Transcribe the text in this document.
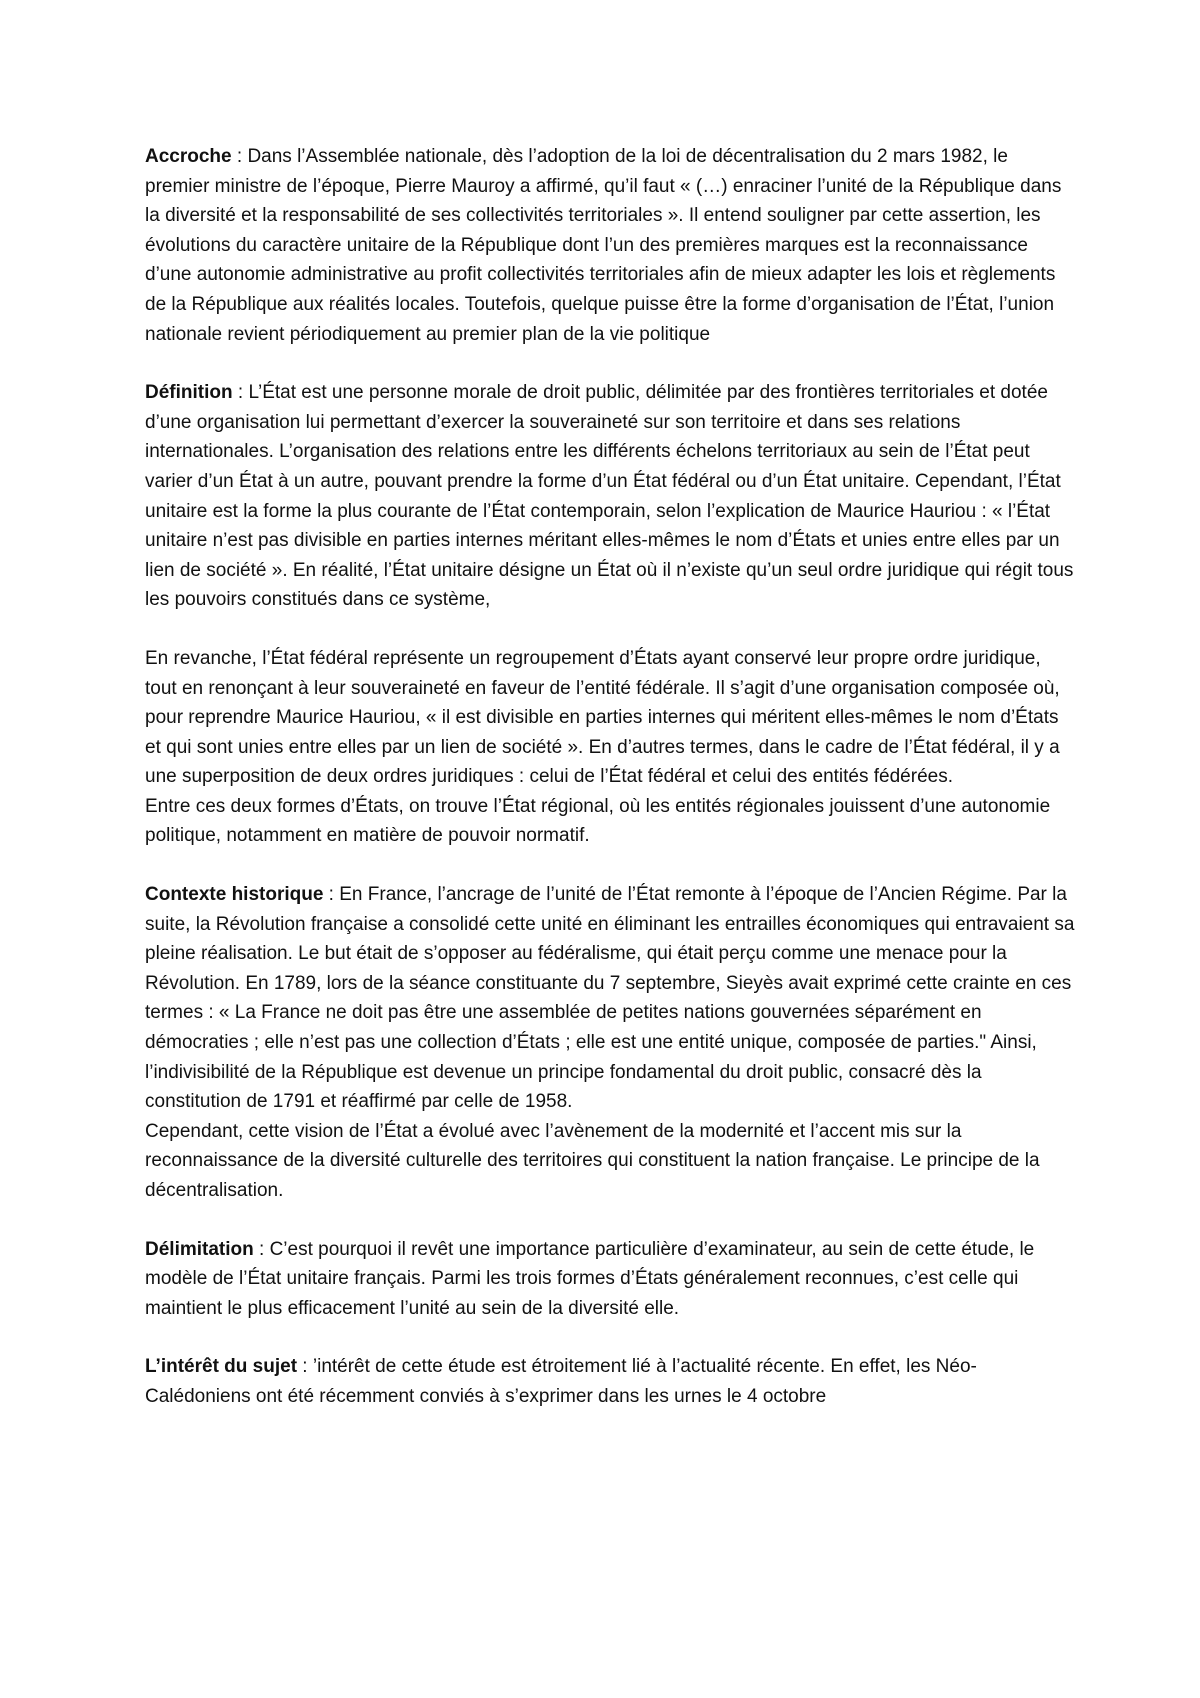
Accroche : Dans l’Assemblée nationale, dès l’adoption de la loi de décentralisation du 2 mars 1982, le premier ministre de l’époque, Pierre Mauroy a affirmé, qu’il faut « (…) enraciner l’unité de la République dans la diversité et la responsabilité de ses collectivités territoriales ». Il entend souligner par cette assertion, les évolutions du caractère unitaire de la République dont l’un des premières marques est la reconnaissance d’une autonomie administrative au profit collectivités territoriales afin de mieux adapter les lois et règlements de la République aux réalités locales. Toutefois, quelque puisse être la forme d’organisation de l’État, l’union nationale revient périodiquement au premier plan de la vie politique

Définition : L’État est une personne morale de droit public, délimitée par des frontières territoriales et dotée d’une organisation lui permettant d’exercer la souveraineté sur son territoire et dans ses relations internationales. L’organisation des relations entre les différents échelons territoriaux au sein de l’État peut varier d’un État à un autre, pouvant prendre la forme d’un État fédéral ou d’un État unitaire. Cependant, l’État unitaire est la forme la plus courante de l’État contemporain, selon l’explication de Maurice Hauriou : « l’État unitaire n’est pas divisible en parties internes méritant elles-mêmes le nom d’États et unies entre elles par un lien de société ». En réalité, l’État unitaire désigne un État où il n’existe qu’un seul ordre juridique qui régit tous les pouvoirs constitués dans ce système,

En revanche, l’État fédéral représente un regroupement d’États ayant conservé leur propre ordre juridique, tout en renonçant à leur souveraineté en faveur de l’entité fédérale. Il s’agit d’une organisation composée où, pour reprendre Maurice Hauriou, « il est divisible en parties internes qui méritent elles-mêmes le nom d’États et qui sont unies entre elles par un lien de société ». En d’autres termes, dans le cadre de l’État fédéral, il y a une superposition de deux ordres juridiques : celui de l’État fédéral et celui des entités fédérées.

Entre ces deux formes d’États, on trouve l’État régional, où les entités régionales jouissent d’une autonomie politique, notamment en matière de pouvoir normatif.

Contexte historique : En France, l’ancrage de l’unité de l’État remonte à l’époque de l’Ancien Régime. Par la suite, la Révolution française a consolidé cette unité en éliminant les entrailles économiques qui entravaient sa pleine réalisation. Le but était de s’opposer au fédéralisme, qui était perçu comme une menace pour la Révolution. En 1789, lors de la séance constituante du 7 septembre, Sieyès avait exprimé cette crainte en ces termes : « La France ne doit pas être une assemblée de petites nations gouvernées séparément en démocraties ; elle n’est pas une collection d’États ; elle est une entité unique, composée de parties." Ainsi, l’indivisibilité de la République est devenue un principe fondamental du droit public, consacré dès la constitution de 1791 et réaffirmé par celle de 1958.

Cependant, cette vision de l’État a évolué avec l’avènement de la modernité et l’accent mis sur la reconnaissance de la diversité culturelle des territoires qui constituent la nation française. Le principe de la décentralisation.

Délimitation : C’est pourquoi il revêt une importance particulière d’examinateur, au sein de cette étude, le modèle de l’État unitaire français. Parmi les trois formes d’États généralement reconnues, c’est celle qui maintient le plus efficacement l’unité au sein de la diversité elle.

L’intérêt du sujet : ’intérêt de cette étude est étroitement lié à l’actualité récente. En effet, les Néo-Calédoniens ont été récemment conviés à s’exprimer dans les urnes le 4 octobre
